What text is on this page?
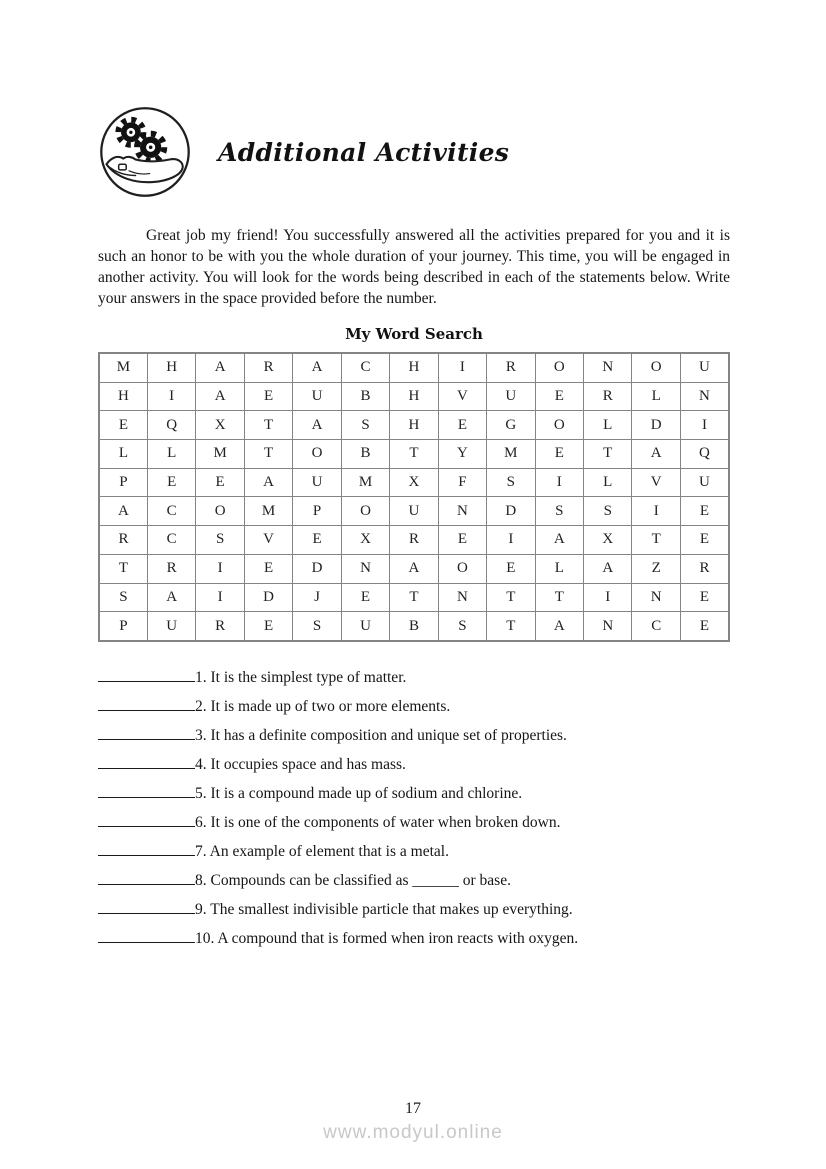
Additional Activities

Great job my friend! You successfully answered all the activities prepared for you and it is such an honor to be with you the whole duration of your journey. This time, you will be engaged in another activity. You will look for the words being described in each of the statements below. Write your answers in the space provided before the number.

My Word Search
M	H	A	R	A	C	H	I	R	O	N	O	U
H	I	A	E	U	B	H	V	U	E	R	L	N
E	Q	X	T	A	S	H	E	G	O	L	D	I
L	L	M	T	O	B	T	Y	M	E	T	A	Q
P	E	E	A	U	M	X	F	S	I	L	V	U
A	C	O	M	P	O	U	N	D	S	S	I	E
R	C	S	V	E	X	R	E	I	A	X	T	E
T	R	I	E	D	N	A	O	E	L	A	Z	R
S	A	I	D	J	E	T	N	T	T	I	N	E
P	U	R	E	S	U	B	S	T	A	N	C	E
1. It is the simplest type of matter.
2. It is made up of two or more elements.
3. It has a definite composition and unique set of properties.
4. It occupies space and has mass.
5. It is a compound made up of sodium and chlorine.
6. It is one of the components of water when broken down.
7. An example of element that is a metal.
8. Compounds can be classified as ______ or base.
9. The smallest indivisible particle that makes up everything.
10. A compound that is formed when iron reacts with oxygen.
17
www.modyul.online
